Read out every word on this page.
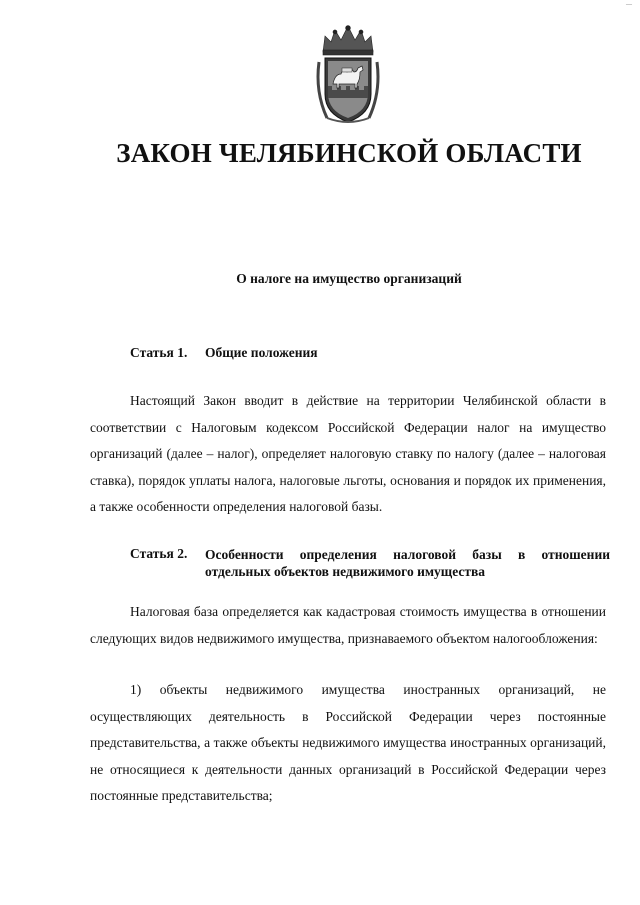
—
ЗАКОН ЧЕЛЯБИНСКОЙ ОБЛАСТИ
О налоге на имущество организаций
Статья 1.	Общие положения

Настоящий Закон вводит в действие на территории Челябинской области в соответствии с Налоговым кодексом Российской Федерации налог на имущество организаций (далее – налог), определяет налоговую ставку по налогу (далее – налоговая ставка), порядок уплаты налога, налоговые льготы, основания и порядок их применения, а также особенности определения налоговой базы.

Статья 2.	Особенности определения налоговой базы в отношении отдельных объектов недвижимого имущества

Налоговая база определяется как кадастровая стоимость имущества в отношении следующих видов недвижимого имущества, признаваемого объектом налогообложения:

1) объекты недвижимого имущества иностранных организаций, не осуществляющих деятельность в Российской Федерации через постоянные представительства, а также объекты недвижимого имущества иностранных организаций, не относящиеся к деятельности данных организаций в Российской Федерации через постоянные представительства;
